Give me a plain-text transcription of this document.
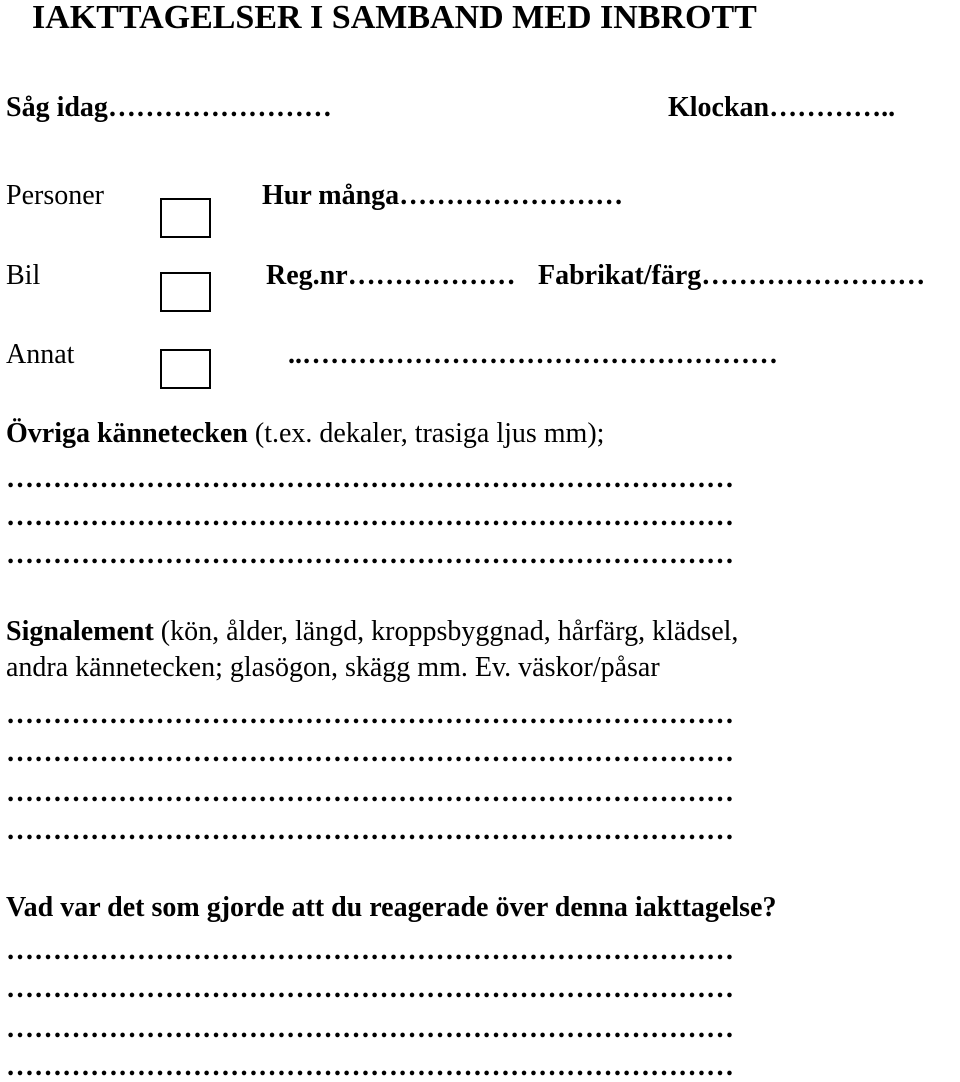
IAKTTAGELSER I SAMBAND MED INBROTT
Såg idag……………………	Klockan…………..
Personer	Hur många……………………
Bil	Reg.nr……………… Fabrikat/färg……………………
Annat	..……………………………………………
Övriga kännetecken (t.ex. dekaler, trasiga ljus mm);
……………………………………………………………………
……………………………………………………………………
……………………………………………………………………
Signalement (kön, ålder, längd, kroppsbyggnad, hårfärg, klädsel,
andra kännetecken; glasögon, skägg mm. Ev. väskor/påsar
……………………………………………………………………
……………………………………………………………………
……………………………………………………………………
……………………………………………………………………
Vad var det som gjorde att du reagerade över denna iakttagelse?
……………………………………………………………………
……………………………………………………………………
……………………………………………………………………
……………………………………………………………………
